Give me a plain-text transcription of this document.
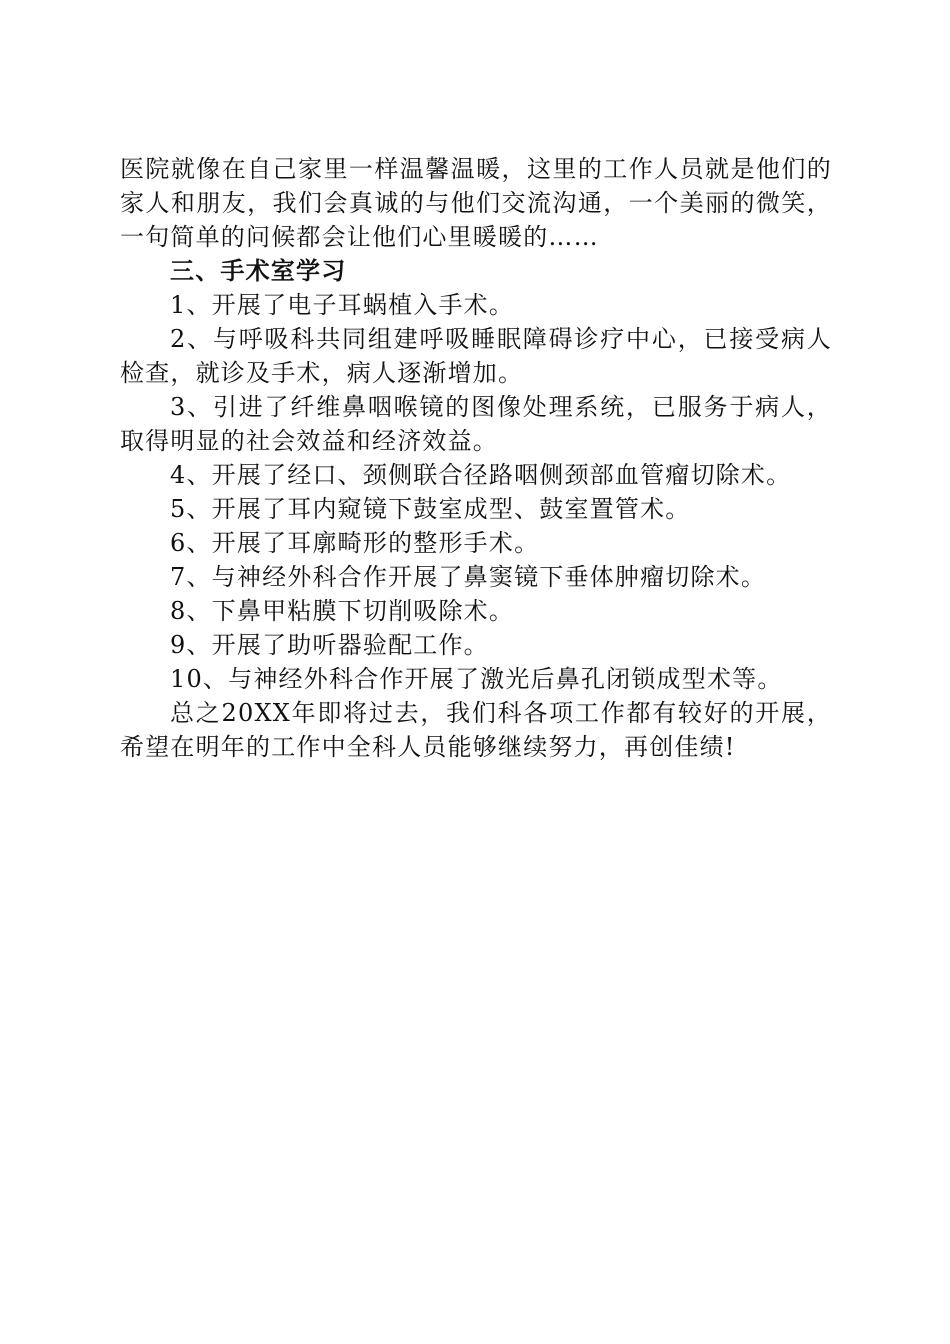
医院就像在自己家里一样温馨温暖，这里的工作人员就是他们的家人和朋友，我们会真诚的与他们交流沟通，一个美丽的微笑，一句简单的问候都会让他们心里暖暖的……

三、手术室学习

1、开展了电子耳蜗植入手术。

2、与呼吸科共同组建呼吸睡眠障碍诊疗中心，已接受病人检查，就诊及手术，病人逐渐增加。

3、引进了纤维鼻咽喉镜的图像处理系统，已服务于病人，取得明显的社会效益和经济效益。

4、开展了经口、颈侧联合径路咽侧颈部血管瘤切除术。

5、开展了耳内窥镜下鼓室成型、鼓室置管术。

6、开展了耳廓畸形的整形手术。

7、与神经外科合作开展了鼻窦镜下垂体肿瘤切除术。

8、下鼻甲粘膜下切削吸除术。

9、开展了助听器验配工作。

10、与神经外科合作开展了激光后鼻孔闭锁成型术等。

总之20XX年即将过去，我们科各项工作都有较好的开展，希望在明年的工作中全科人员能够继续努力，再创佳绩!
